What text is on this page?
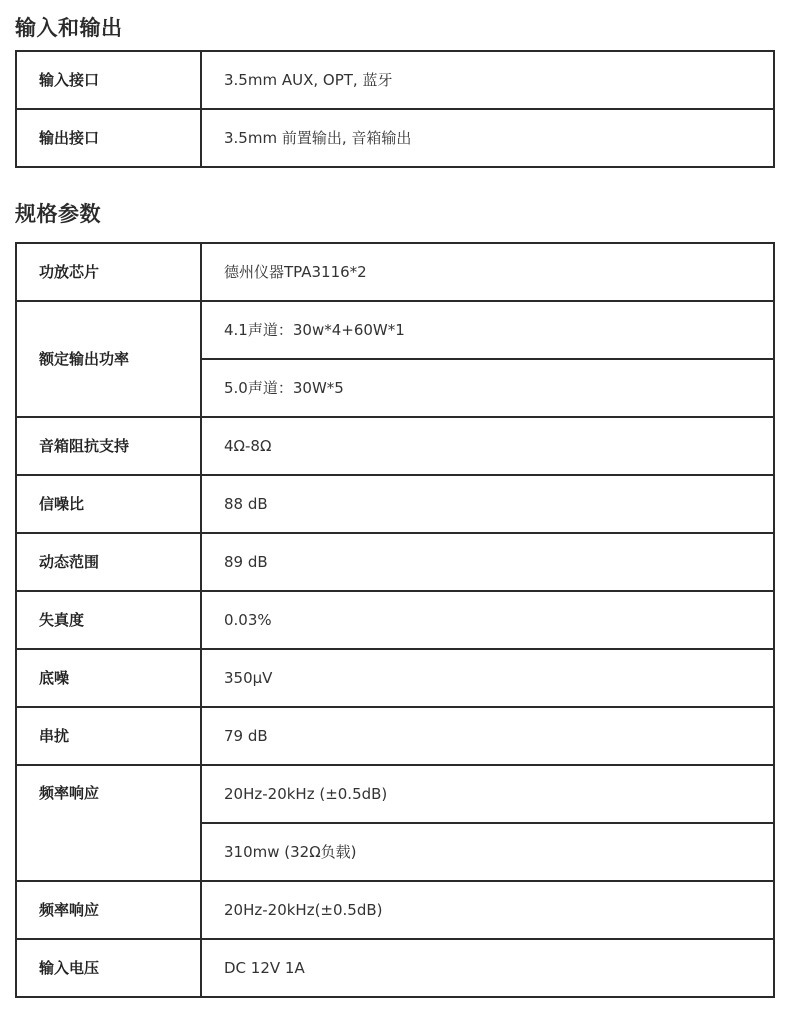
输入和输出
输入接口	3.5mm AUX, OPT, 蓝牙
输出接口	3.5mm 前置输出, 音箱输出
规格参数
功放芯片	德州仪器TPA3116*2
额定输出功率	4.1声道：30w*4+60W*1
	5.0声道：30W*5
音箱阻抗支持	4Ω-8Ω
信噪比	88 dB
动态范围	89 dB
失真度	0.03%
底噪	350μV
串扰	79 dB
频率响应	20Hz-20kHz (±0.5dB)
	310mw (32Ω负载)
频率响应	20Hz-20kHz(±0.5dB)
输入电压	DC 12V 1A
